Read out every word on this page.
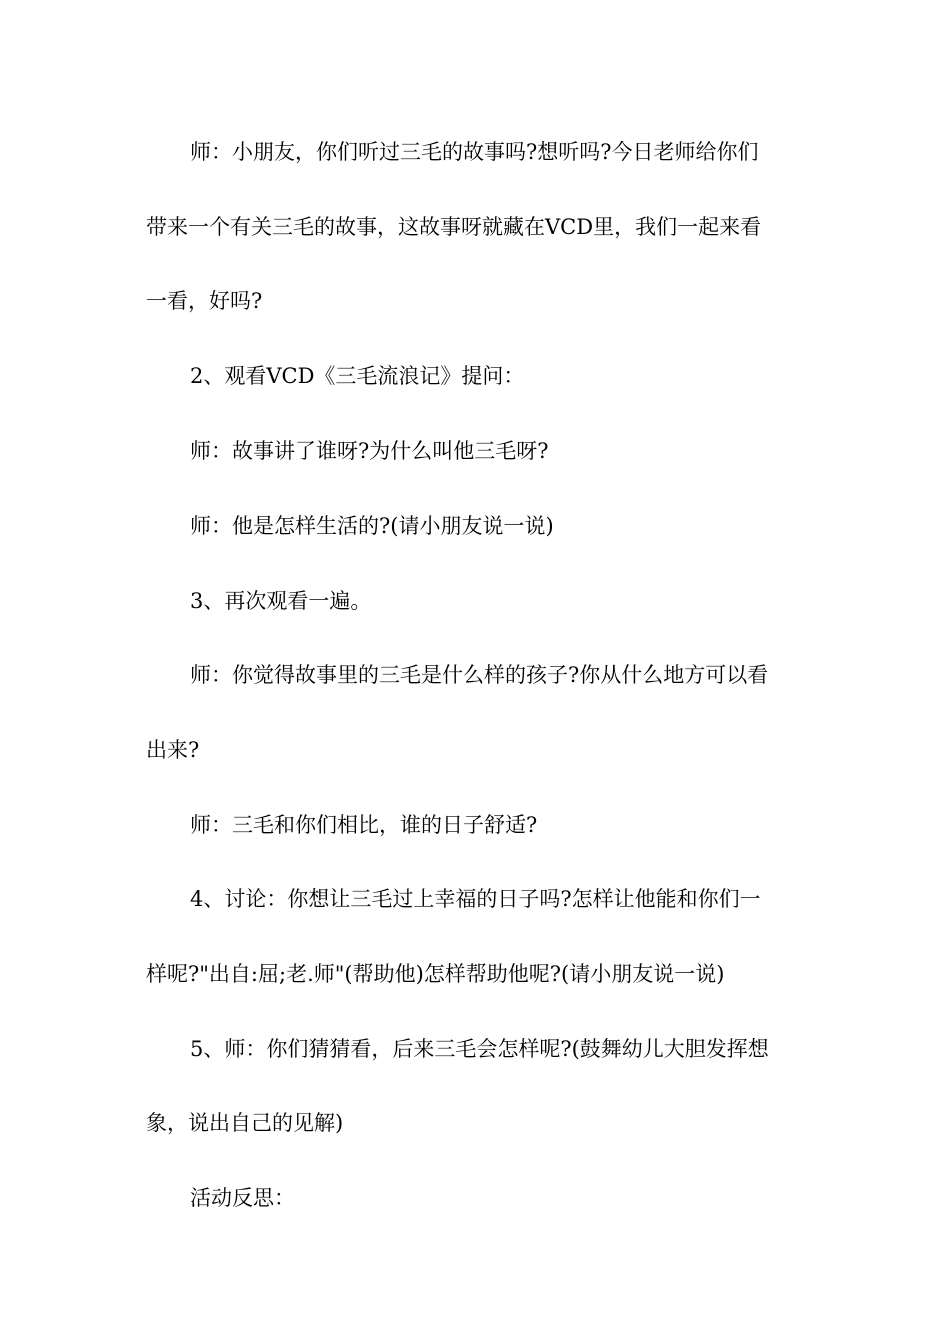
师：小朋友，你们听过三毛的故事吗?想听吗?今日老师给你们
带来一个有关三毛的故事，这故事呀就藏在VCD里，我们一起来看
一看，好吗?
2、观看VCD《三毛流浪记》提问：
师：故事讲了谁呀?为什么叫他三毛呀?
师：他是怎样生活的?(请小朋友说一说)
3、再次观看一遍。
师：你觉得故事里的三毛是什么样的孩子?你从什么地方可以看
出来?
师：三毛和你们相比，谁的日子舒适?
4、讨论：你想让三毛过上幸福的日子吗?怎样让他能和你们一
样呢?"出自:屈;老.师"(帮助他)怎样帮助他呢?(请小朋友说一说)
5、师：你们猜猜看，后来三毛会怎样呢?(鼓舞幼儿大胆发挥想
象，说出自己的见解)
活动反思：
